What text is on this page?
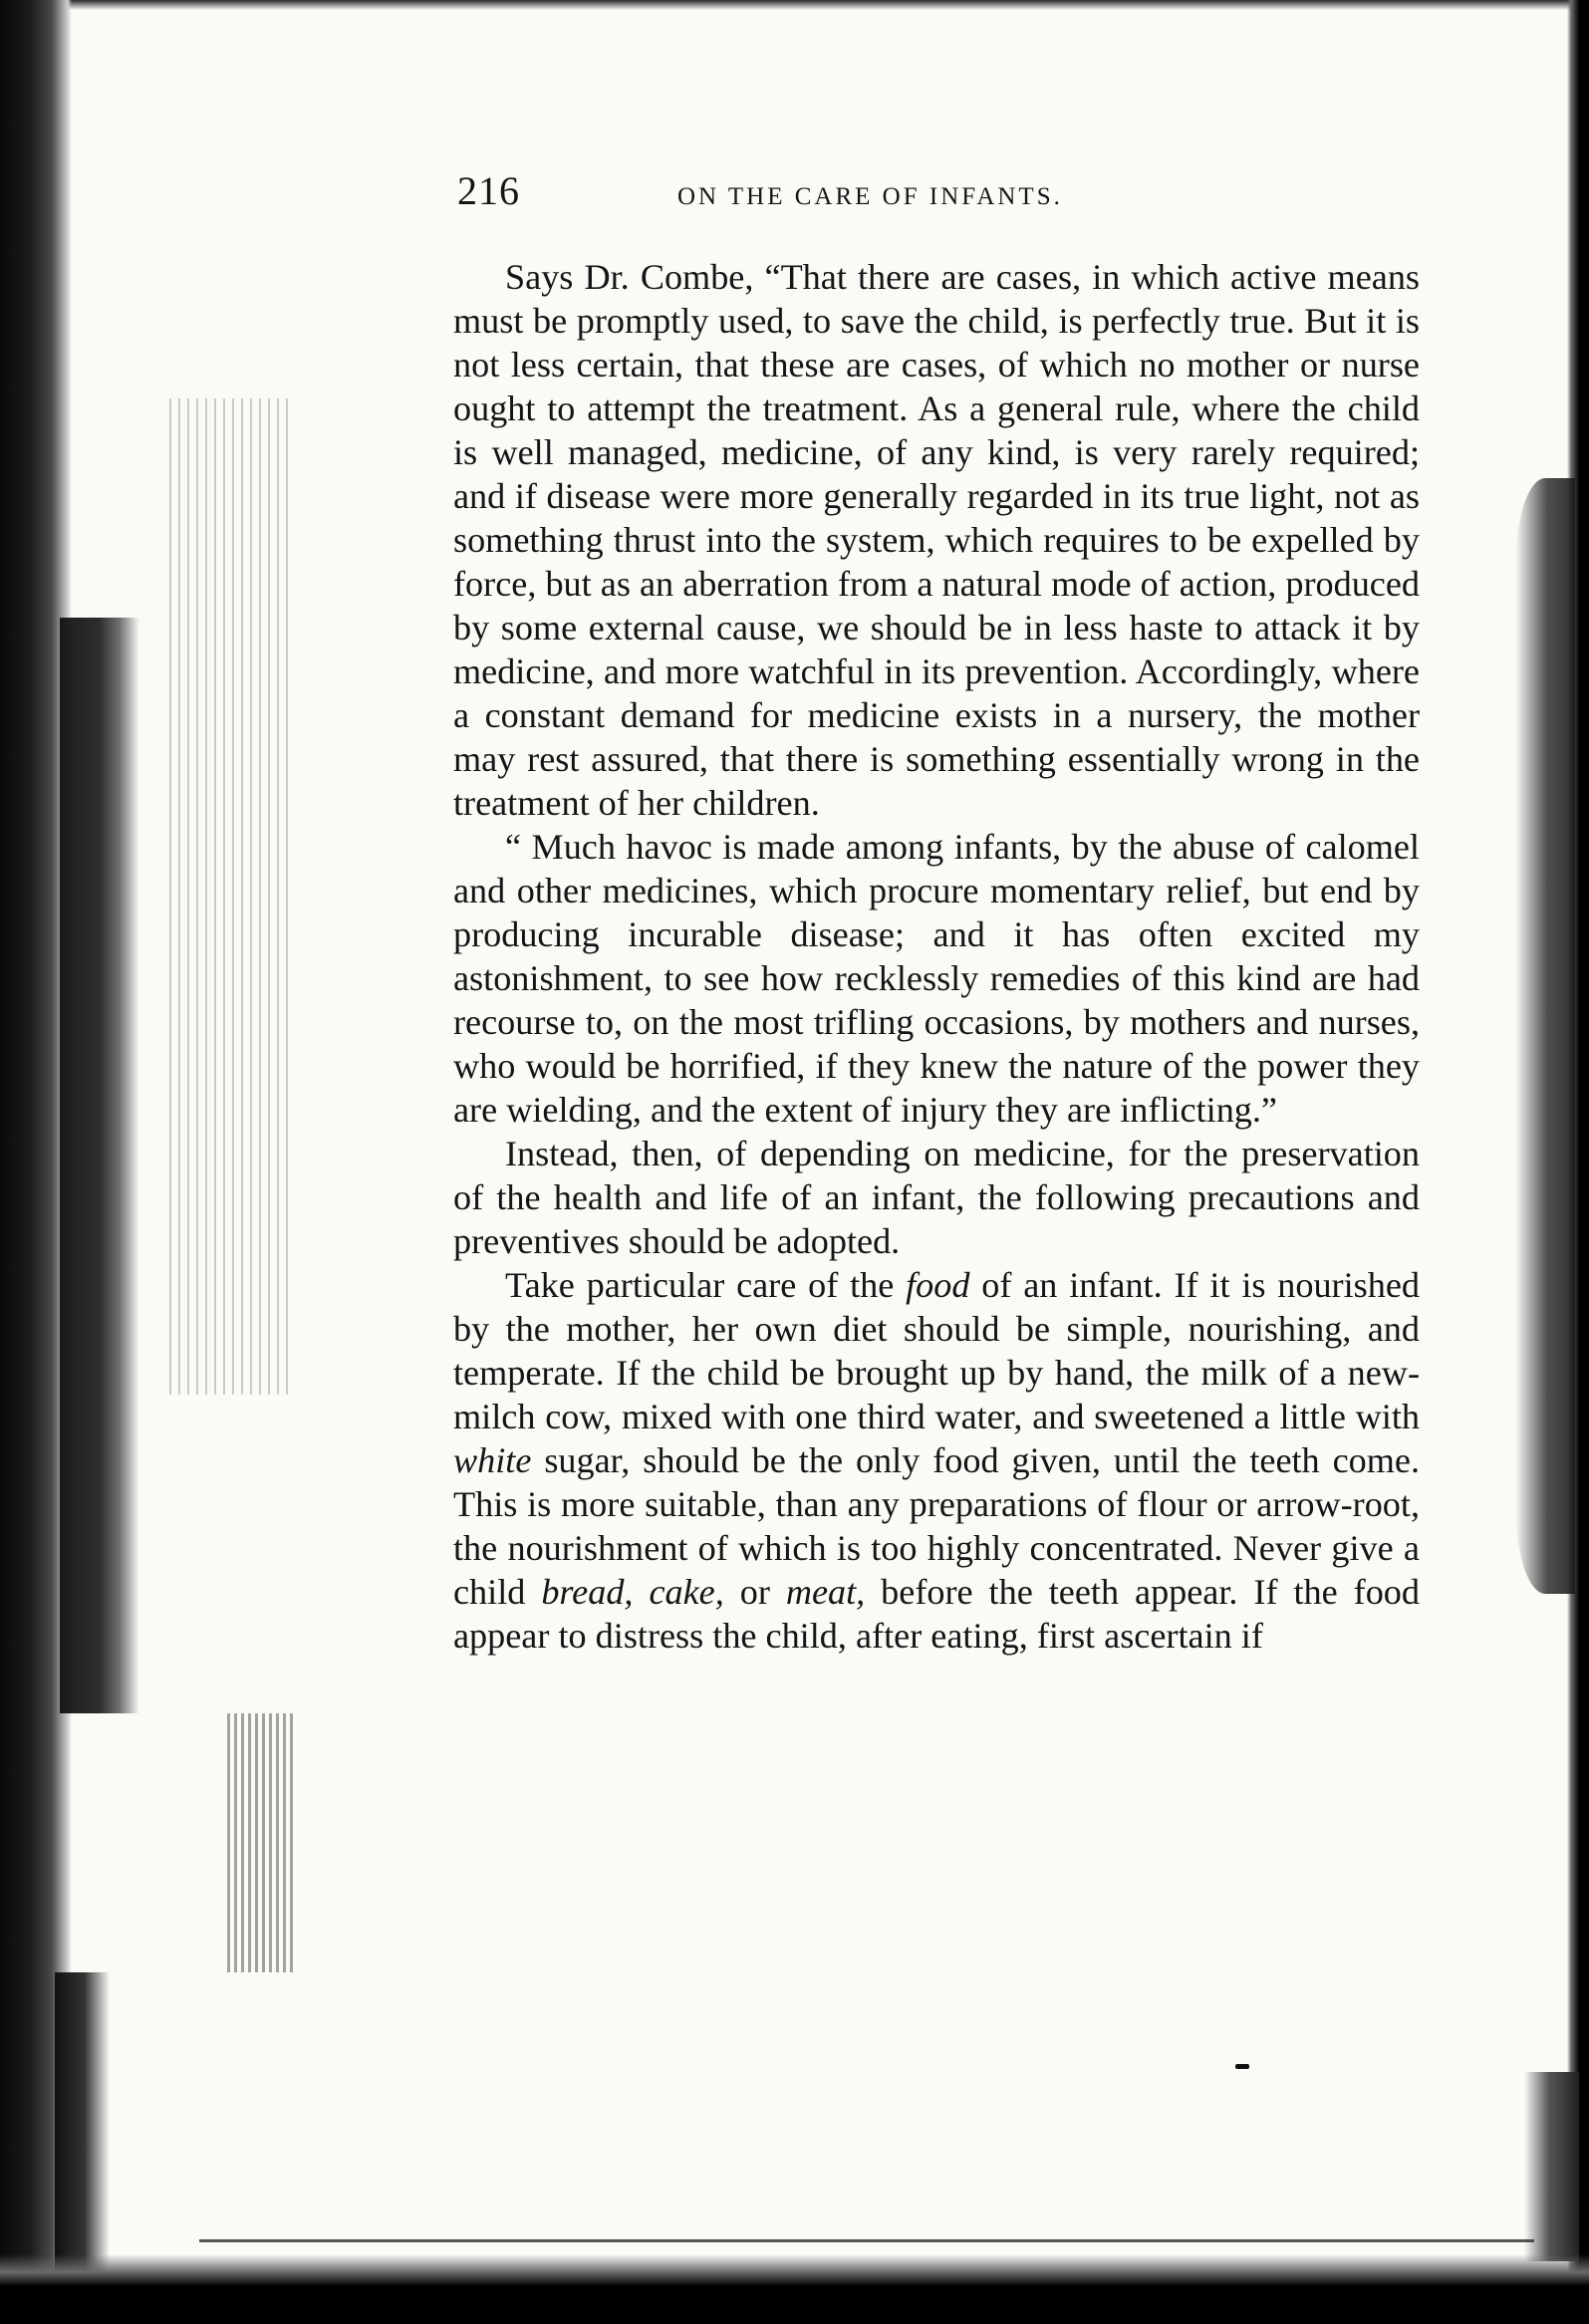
216	ON THE CARE OF INFANTS.

Says Dr. Combe, “That there are cases, in which active means must be promptly used, to save the child, is perfectly true. But it is not less certain, that these are cases, of which no mother or nurse ought to attempt the treatment. As a general rule, where the child is well managed, medicine, of any kind, is very rarely required; and if disease were more generally regarded in its true light, not as something thrust into the system, which requires to be expelled by force, but as an aberration from a natural mode of action, produced by some external cause, we should be in less haste to attack it by medicine, and more watchful in its prevention. Accordingly, where a constant demand for medicine exists in a nursery, the mother may rest assured, that there is something essentially wrong in the treatment of her children.

“ Much havoc is made among infants, by the abuse of calomel and other medicines, which procure momentary relief, but end by producing incurable disease; and it has often excited my astonishment, to see how recklessly remedies of this kind are had recourse to, on the most trifling occasions, by mothers and nurses, who would be horrified, if they knew the nature of the power they are wielding, and the extent of injury they are inflicting.”

Instead, then, of depending on medicine, for the preservation of the health and life of an infant, the following precautions and preventives should be adopted.

Take particular care of the food of an infant. If it is nourished by the mother, her own diet should be simple, nourishing, and temperate. If the child be brought up by hand, the milk of a new-milch cow, mixed with one third water, and sweetened a little with white sugar, should be the only food given, until the teeth come. This is more suitable, than any preparations of flour or arrow-root, the nourishment of which is too highly concentrated. Never give a child bread, cake, or meat, before the teeth appear. If the food appear to distress the child, after eating, first ascertain if
